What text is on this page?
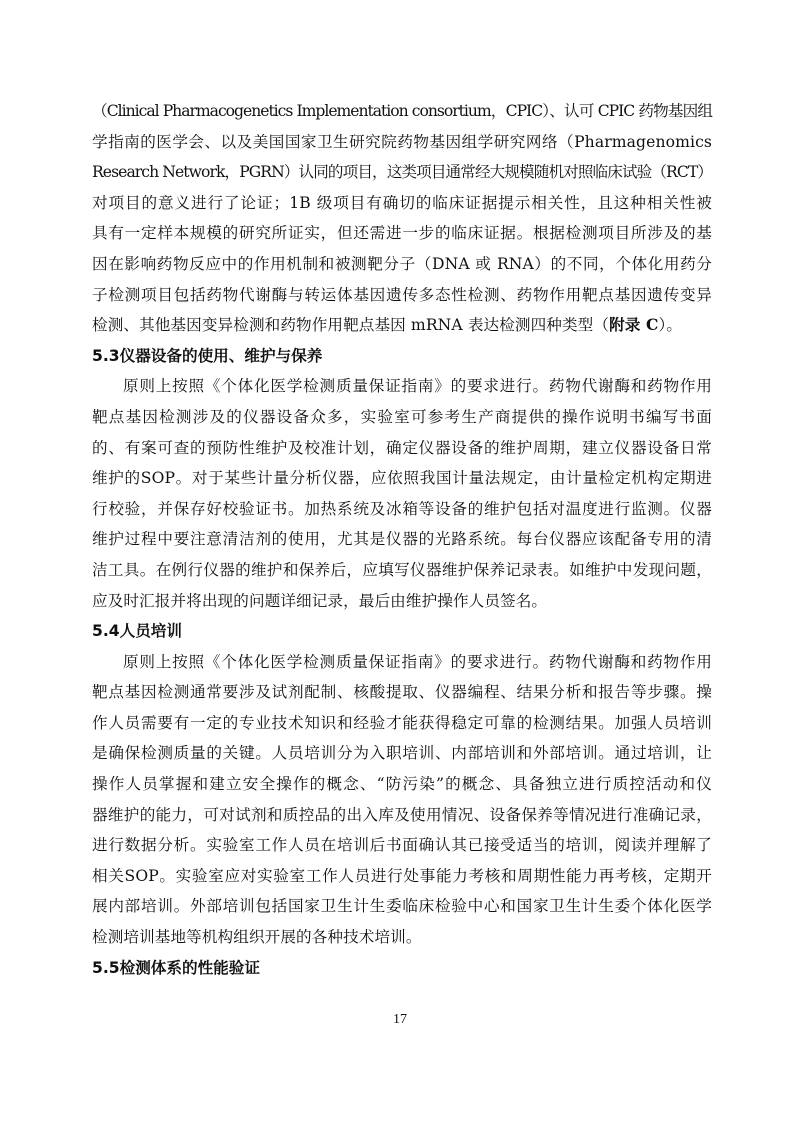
（Clinical Pharmacogenetics Implementation consortium，CPIC）、认可 CPIC 药物基因组
学指南的医学会、以及美国国家卫生研究院药物基因组学研究网络（Pharmagenomics
Research Network，PGRN）认同的项目，这类项目通常经大规模随机对照临床试验（RCT）
对项目的意义进行了论证；1B 级项目有确切的临床证据提示相关性，且这种相关性被
具有一定样本规模的研究所证实，但还需进一步的临床证据。根据检测项目所涉及的基
因在影响药物反应中的作用机制和被测靶分子（DNA 或 RNA）的不同，个体化用药分
子检测项目包括药物代谢酶与转运体基因遗传多态性检测、药物作用靶点基因遗传变异
检测、其他基因变异检测和药物作用靶点基因 mRNA 表达检测四种类型（附录 C）。
5.3仪器设备的使用、维护与保养
原则上按照《个体化医学检测质量保证指南》的要求进行。药物代谢酶和药物作用
靶点基因检测涉及的仪器设备众多，实验室可参考生产商提供的操作说明书编写书面
的、有案可查的预防性维护及校准计划，确定仪器设备的维护周期，建立仪器设备日常
维护的SOP。对于某些计量分析仪器，应依照我国计量法规定，由计量检定机构定期进
行校验，并保存好校验证书。加热系统及冰箱等设备的维护包括对温度进行监测。仪器
维护过程中要注意清洁剂的使用，尤其是仪器的光路系统。每台仪器应该配备专用的清
洁工具。在例行仪器的维护和保养后，应填写仪器维护保养记录表。如维护中发现问题，
应及时汇报并将出现的问题详细记录，最后由维护操作人员签名。
5.4人员培训
原则上按照《个体化医学检测质量保证指南》的要求进行。药物代谢酶和药物作用
靶点基因检测通常要涉及试剂配制、核酸提取、仪器编程、结果分析和报告等步骤。操
作人员需要有一定的专业技术知识和经验才能获得稳定可靠的检测结果。加强人员培训
是确保检测质量的关键。人员培训分为入职培训、内部培训和外部培训。通过培训，让
操作人员掌握和建立安全操作的概念、“防污染”的概念、具备独立进行质控活动和仪
器维护的能力，可对试剂和质控品的出入库及使用情况、设备保养等情况进行准确记录，
进行数据分析。实验室工作人员在培训后书面确认其已接受适当的培训，阅读并理解了
相关SOP。实验室应对实验室工作人员进行处事能力考核和周期性能力再考核，定期开
展内部培训。外部培训包括国家卫生计生委临床检验中心和国家卫生计生委个体化医学
检测培训基地等机构组织开展的各种技术培训。
5.5检测体系的性能验证
17
